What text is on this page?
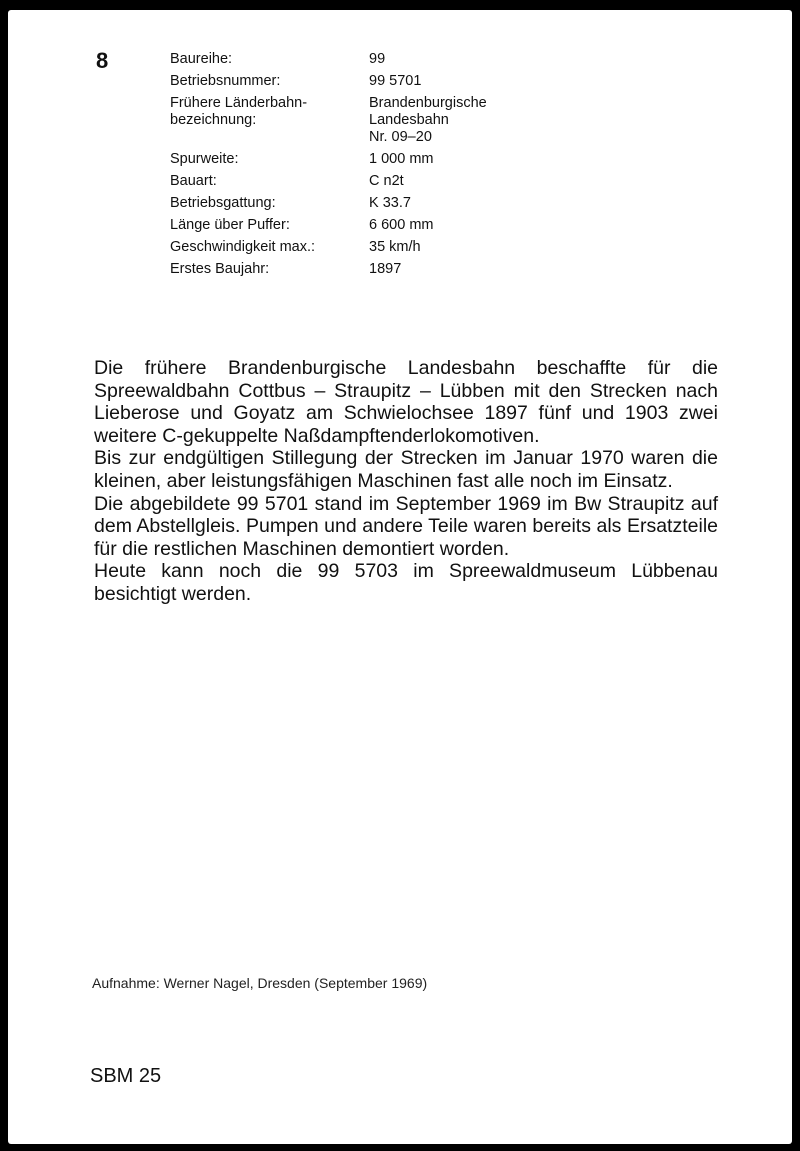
8	Baureihe:	99
Betriebsnummer:	99 5701
Frühere Länderbahn-
bezeichnung:
Brandenburgische
Landesbahn
Nr. 09–20
Spurweite:	1 000 mm
Bauart:	C n2t
Betriebsgattung:	K 33.7
Länge über Puffer:	6 600 mm
Geschwindigkeit max.:	35 km/h
Erstes Baujahr:	1897

Die frühere Brandenburgische Landesbahn beschaffte für die Spreewaldbahn Cottbus – Straupitz – Lübben mit den Strecken nach Lieberose und Goyatz am Schwielochsee 1897 fünf und 1903 zwei weitere C-gekuppelte Naßdampftenderlokomotiven.

Bis zur endgültigen Stillegung der Strecken im Januar 1970 waren die kleinen, aber leistungsfähigen Maschinen fast alle noch im Einsatz.

Die abgebildete 99 5701 stand im September 1969 im Bw Straupitz auf dem Abstellgleis. Pumpen und andere Teile waren bereits als Ersatzteile für die restlichen Maschinen demontiert worden.

Heute kann noch die 99 5703 im Spreewaldmuseum Lübbenau besichtigt werden.

Aufnahme: Werner Nagel, Dresden (September 1969)
SBM 25
